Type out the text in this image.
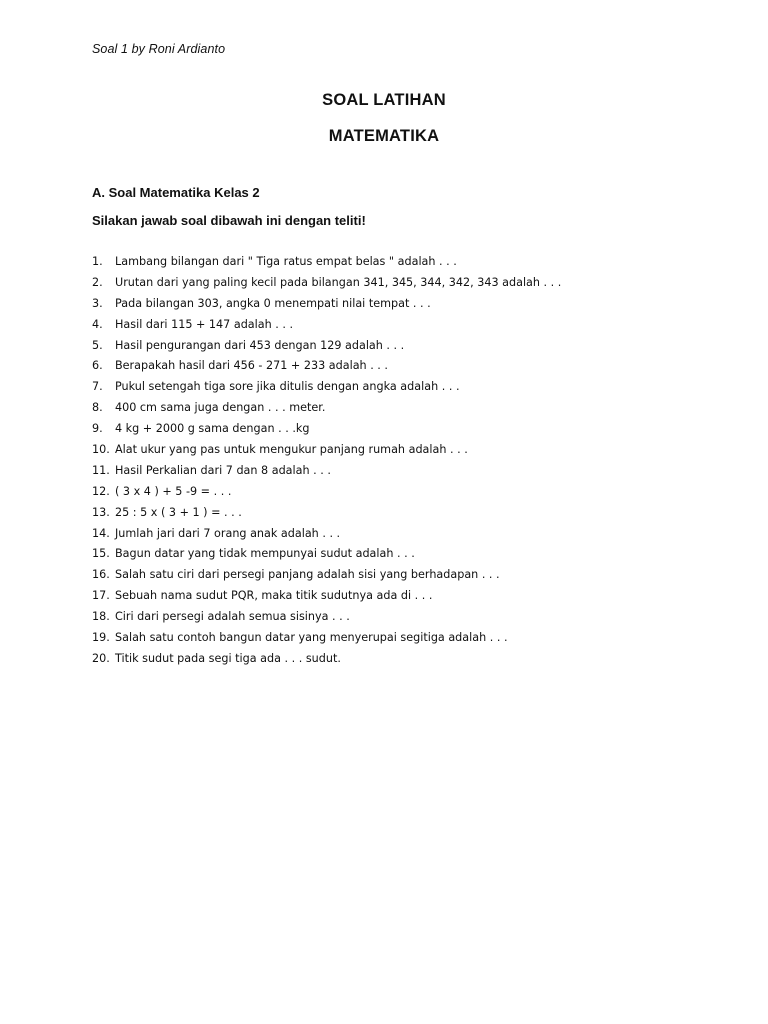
Soal 1 by Roni Ardianto
SOAL LATIHAN
MATEMATIKA
A. Soal Matematika Kelas 2
Silakan jawab soal dibawah ini dengan teliti!
1.	Lambang bilangan dari " Tiga ratus empat belas " adalah . . .
2.	Urutan dari yang paling kecil pada bilangan 341, 345, 344, 342, 343 adalah . . .
3.	Pada bilangan 303, angka 0 menempati nilai tempat . . .
4.	Hasil dari 115 + 147 adalah . . .
5.	Hasil pengurangan dari 453 dengan 129 adalah . . .
6.	Berapakah hasil dari 456 - 271 + 233 adalah . . .
7.	Pukul setengah tiga sore jika ditulis dengan angka adalah . . .
8.	400 cm sama juga dengan . . . meter.
9.	4 kg + 2000 g sama dengan . . .kg
10. Alat ukur yang pas untuk mengukur panjang rumah adalah . . .
11. Hasil Perkalian dari 7 dan 8 adalah . . .
12. ( 3 x 4 ) + 5 -9 = . . .
13. 25 : 5 x ( 3 + 1 ) = . . .
14. Jumlah jari dari 7 orang anak adalah . . .
15. Bagun datar yang tidak mempunyai sudut adalah . . .
16. Salah satu ciri dari persegi panjang adalah sisi yang berhadapan . . .
17. Sebuah nama sudut PQR, maka titik sudutnya ada di . . .
18. Ciri dari persegi adalah semua sisinya . . .
19. Salah satu contoh bangun datar yang menyerupai segitiga adalah . . .
20. Titik sudut pada segi tiga ada . . . sudut.
